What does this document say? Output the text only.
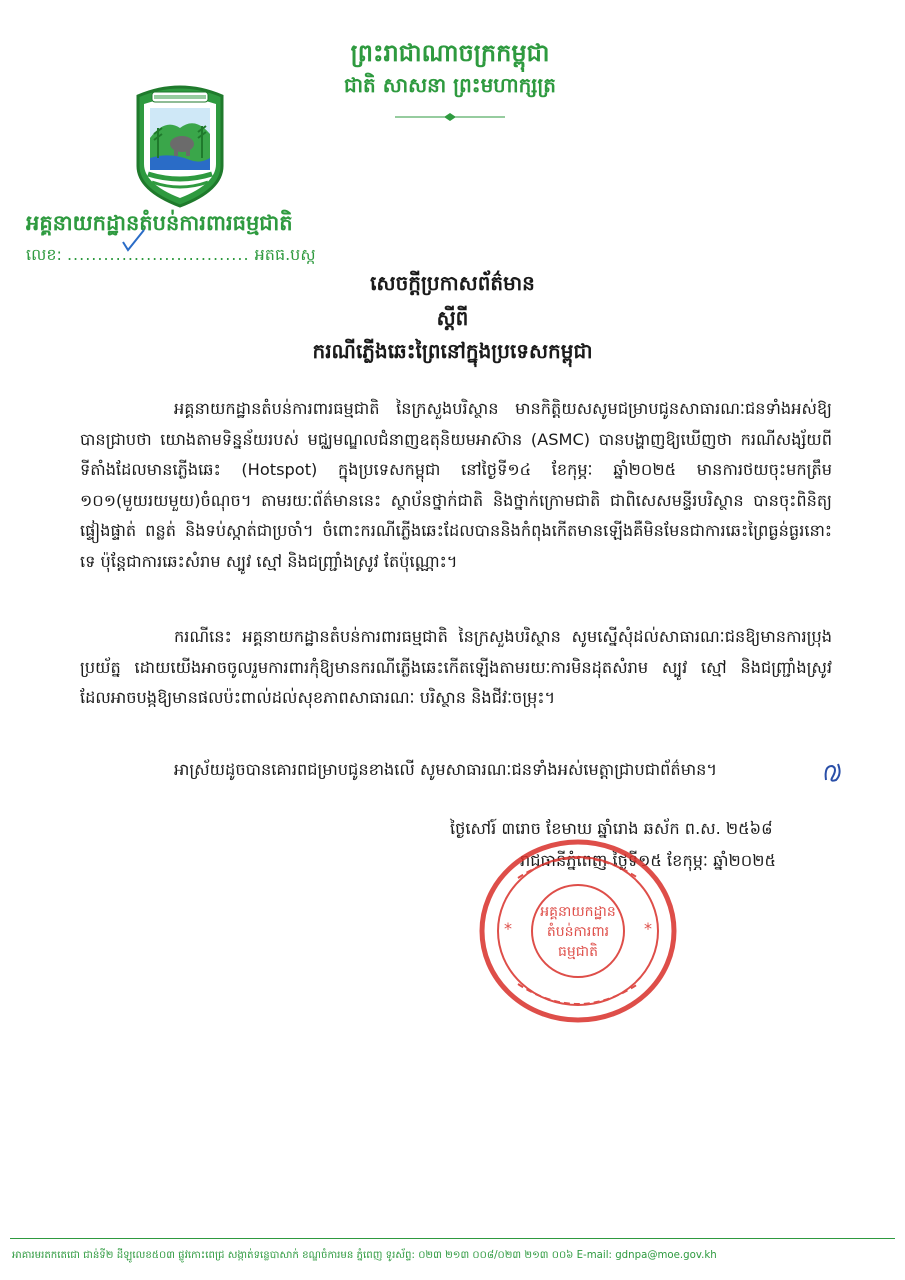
ព្រះរាជាណាចក្រកម្ពុជា
ជាតិ សាសនា ព្រះមហាក្សត្រ
អគ្គនាយកដ្ឋានតំបន់ការពារធម្មជាតិ
លេខ: .............................. អតធ.បស្ក
សេចក្ដីប្រកាសព័ត៌មាន
ស្ដីពី
ករណីភ្លើងឆេះព្រៃនៅក្នុងប្រទេសកម្ពុជា

អគ្គនាយកដ្ឋានតំបន់ការពារធម្មជាតិ នៃក្រសួងបរិស្ថាន មានកិត្តិយសសូមជម្រាបជូនសាធារណៈជនទាំងអស់ឱ្យបានជ្រាបថា យោងតាមទិន្នន័យរបស់ មជ្ឈមណ្ឌលជំនាញឧតុនិយមអាស៊ាន (ASMC) បានបង្ហាញឱ្យឃើញថា ករណីសង្ស័យពី ទីតាំងដែលមានភ្លើងឆេះ (Hotspot) ក្នុងប្រទេសកម្ពុជា នៅថ្ងៃទី១៤ ខែកុម្ភៈ ឆ្នាំ២០២៥ មានការថយចុះមកត្រឹម ១០១(មួយរយមួយ)ចំណុច។ តាមរយៈព័ត៌មាននេះ ស្ថាប័នថ្នាក់ជាតិ និងថ្នាក់ក្រោមជាតិ ជាពិសេសមន្ទីរបរិស្ថាន បានចុះពិនិត្យ ផ្ទៀងផ្ទាត់ ពន្លត់ និងទប់ស្កាត់ជាប្រចាំ។ ចំពោះករណីភ្លើងឆេះដែលបាននិងកំពុងកើតមានឡើងគឺមិនមែនជាការឆេះព្រៃធ្ងន់ធ្ងរនោះទេ ប៉ុន្តែជាការឆេះសំរាម ស្បូវ ស្មៅ និងជញ្ជ្រាំងស្រូវ តែប៉ុណ្ណោះ។

ករណីនេះ អគ្គនាយកដ្ឋានតំបន់ការពារធម្មជាតិ នៃក្រសួងបរិស្ថាន សូមស្នើសុំដល់សាធារណៈជនឱ្យមានការប្រុងប្រយ័ត្ន ដោយយើងអាចចូលរួមការពារកុំឱ្យមានករណីភ្លើងឆេះកើតឡើងតាមរយៈការមិនដុតសំរាម ស្បូវ ស្មៅ និងជញ្ជ្រាំងស្រូវ ដែលអាចបង្កឱ្យមានផលប៉ះពាល់ដល់សុខភាពសាធារណៈ បរិស្ថាន និងជីវៈចម្រុះ។

អាស្រ័យដូចបានគោរពជម្រាបជូនខាងលើ សូមសាធារណៈជនទាំងអស់មេត្តាជ្រាបជាព័ត៌មាន។

ថ្ងៃសៅរ៍ ៣រោច ខែមាឃ ឆ្នាំរោង ឆស័ក ព.ស. ២៥៦៨
រាជធានីភ្នំពេញ ថ្ងៃទី១៥ ខែកុម្ភៈ ឆ្នាំ២០២៥
អគ្គនាយកដ្ឋាន
តំបន់ការពារ
ធម្មជាតិ
*	*
អាគារមរតកតេជោ ជាន់ទី២ ដីឡូលេខ៥០៣ ផ្លូវកោះពេជ្រ សង្កាត់ទន្លេបាសាក់ ខណ្ឌចំការមន ភ្នំពេញ ទូរស័ព្ទ: ០២៣ ២១៣ ០០៨/០២៣ ២១៣ ០០៦ E-mail: gdnpa@moe.gov.kh
